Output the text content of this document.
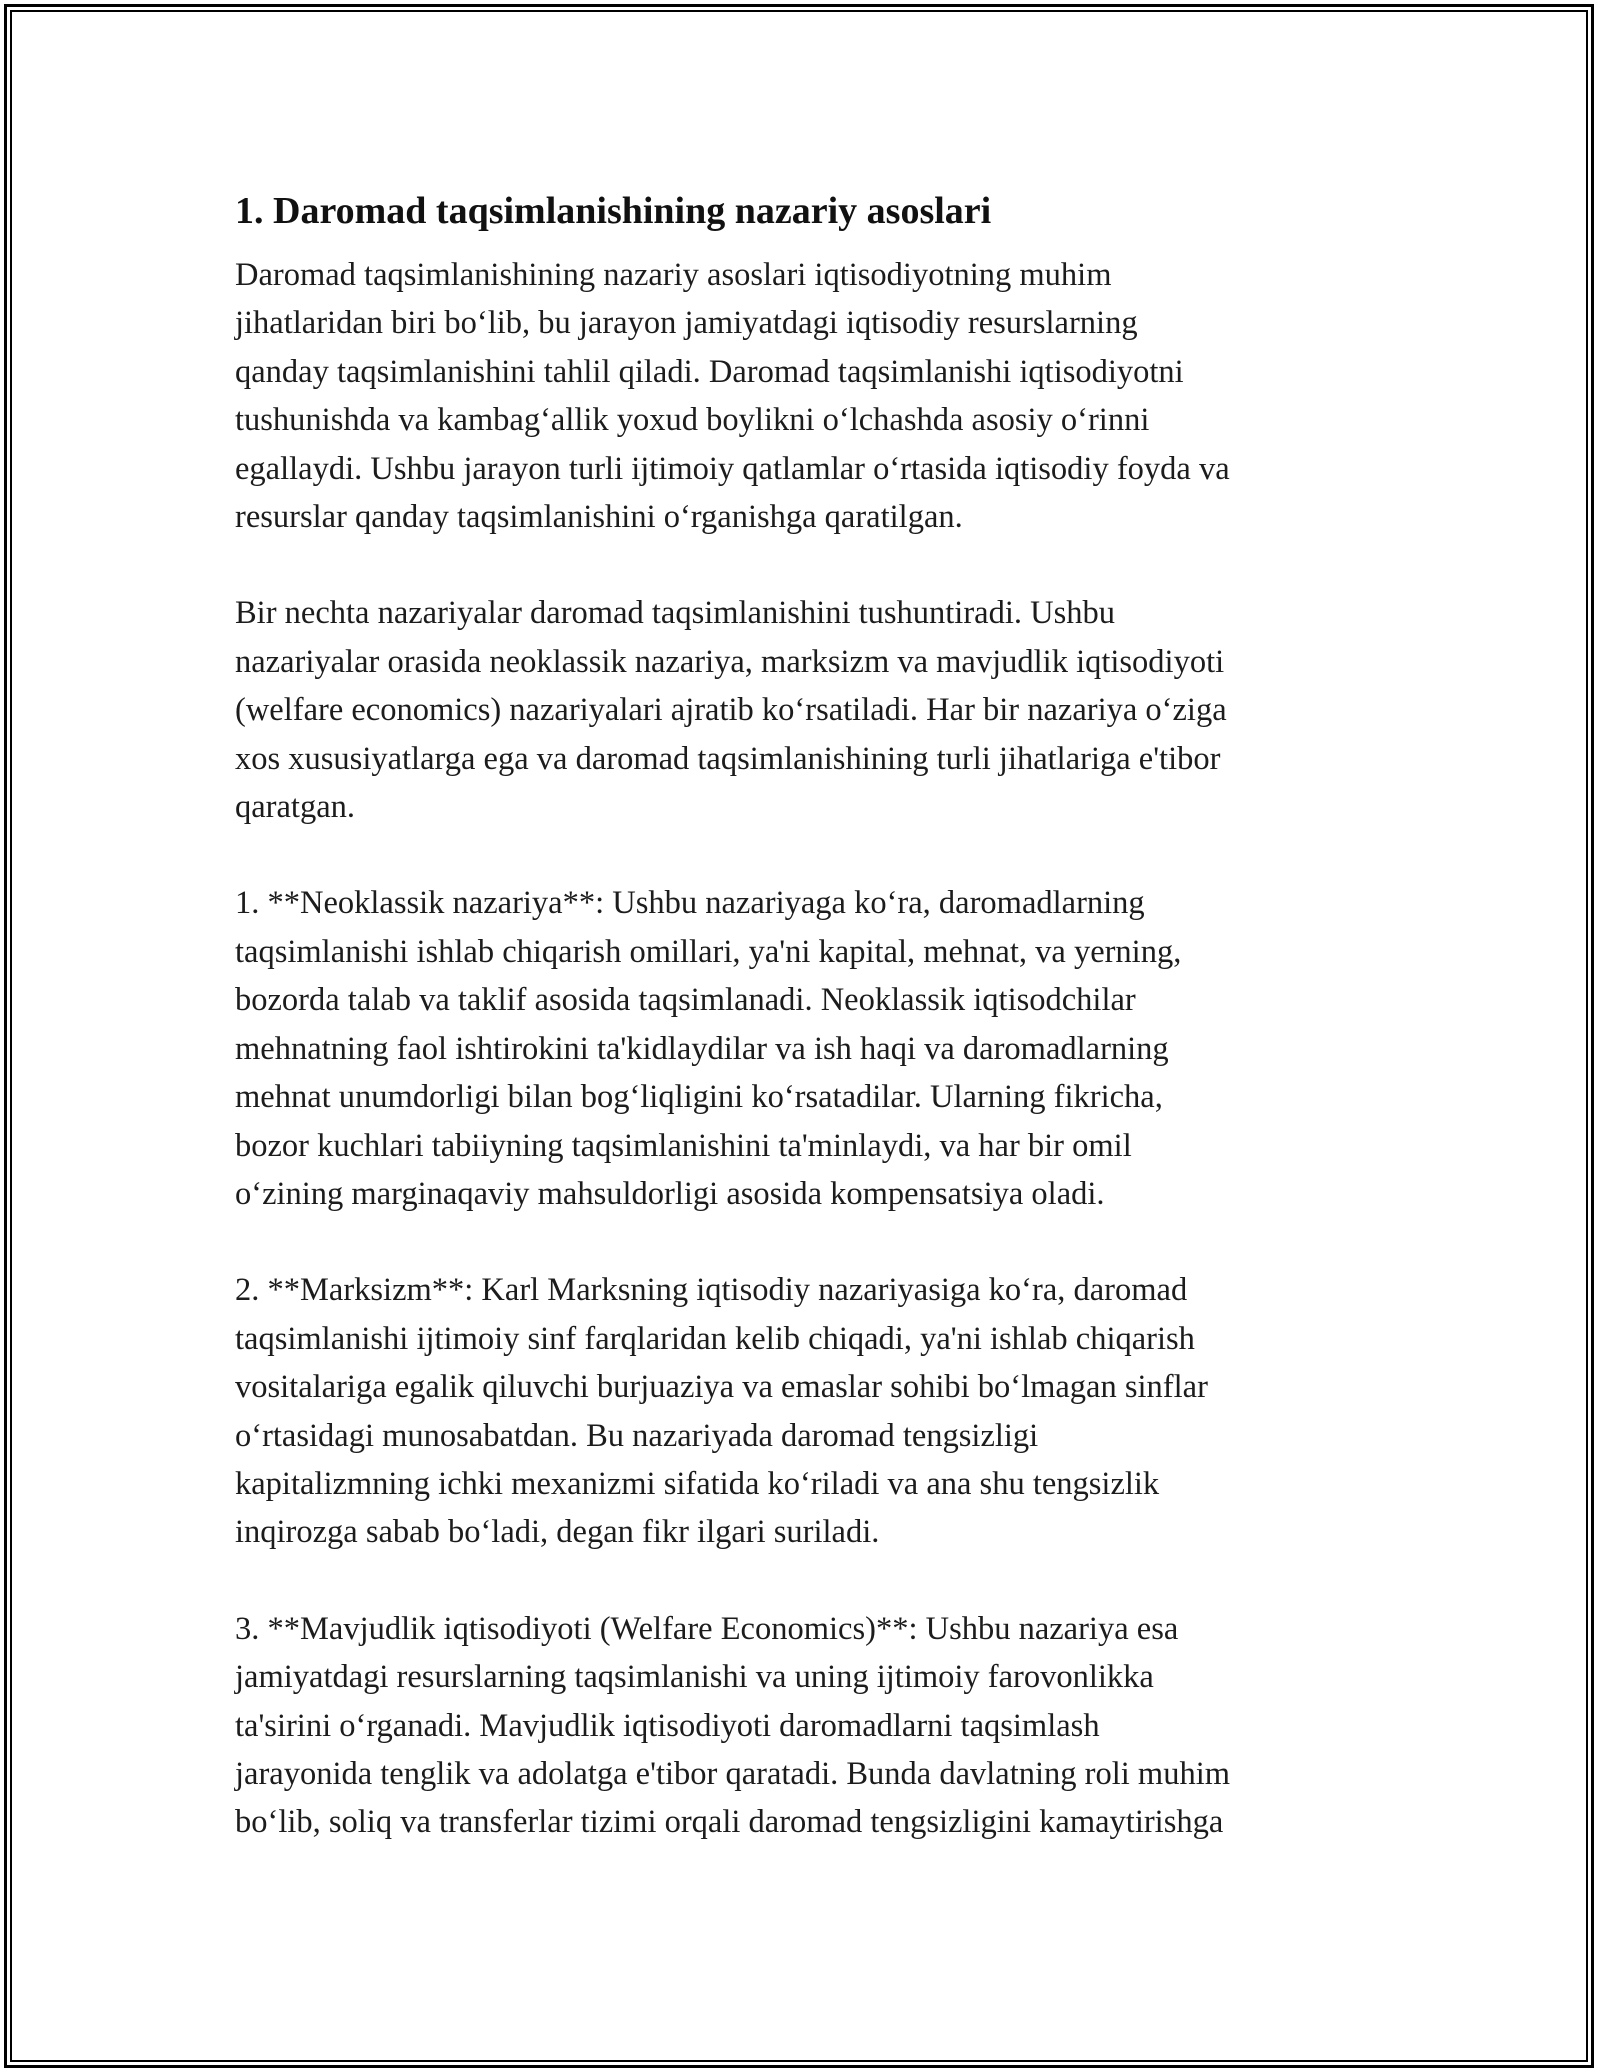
1. Daromad taqsimlanishining nazariy asoslari

Daromad taqsimlanishining nazariy asoslari iqtisodiyotning muhim
jihatlaridan biri bo‘lib, bu jarayon jamiyatdagi iqtisodiy resurslarning
qanday taqsimlanishini tahlil qiladi. Daromad taqsimlanishi iqtisodiyotni
tushunishda va kambag‘allik yoxud boylikni o‘lchashda asosiy o‘rinni
egallaydi. Ushbu jarayon turli ijtimoiy qatlamlar o‘rtasida iqtisodiy foyda va
resurslar qanday taqsimlanishini o‘rganishga qaratilgan.

Bir nechta nazariyalar daromad taqsimlanishini tushuntiradi. Ushbu
nazariyalar orasida neoklassik nazariya, marksizm va mavjudlik iqtisodiyoti
(welfare economics) nazariyalari ajratib ko‘rsatiladi. Har bir nazariya o‘ziga
xos xususiyatlarga ega va daromad taqsimlanishining turli jihatlariga e'tibor
qaratgan.

1. **Neoklassik nazariya**: Ushbu nazariyaga ko‘ra, daromadlarning
taqsimlanishi ishlab chiqarish omillari, ya'ni kapital, mehnat, va yerning,
bozorda talab va taklif asosida taqsimlanadi. Neoklassik iqtisodchilar
mehnatning faol ishtirokini ta'kidlaydilar va ish haqi va daromadlarning
mehnat unumdorligi bilan bog‘liqligini ko‘rsatadilar. Ularning fikricha,
bozor kuchlari tabiiyning taqsimlanishini ta'minlaydi, va har bir omil
o‘zining marginaqaviy mahsuldorligi asosida kompensatsiya oladi.

2. **Marksizm**: Karl Marksning iqtisodiy nazariyasiga ko‘ra, daromad
taqsimlanishi ijtimoiy sinf farqlaridan kelib chiqadi, ya'ni ishlab chiqarish
vositalariga egalik qiluvchi burjuaziya va emaslar sohibi bo‘lmagan sinflar
o‘rtasidagi munosabatdan. Bu nazariyada daromad tengsizligi
kapitalizmning ichki mexanizmi sifatida ko‘riladi va ana shu tengsizlik
inqirozga sabab bo‘ladi, degan fikr ilgari suriladi.

3. **Mavjudlik iqtisodiyoti (Welfare Economics)**: Ushbu nazariya esa
jamiyatdagi resurslarning taqsimlanishi va uning ijtimoiy farovonlikka
ta'sirini o‘rganadi. Mavjudlik iqtisodiyoti daromadlarni taqsimlash
jarayonida tenglik va adolatga e'tibor qaratadi. Bunda davlatning roli muhim
bo‘lib, soliq va transferlar tizimi orqali daromad tengsizligini kamaytirishga
